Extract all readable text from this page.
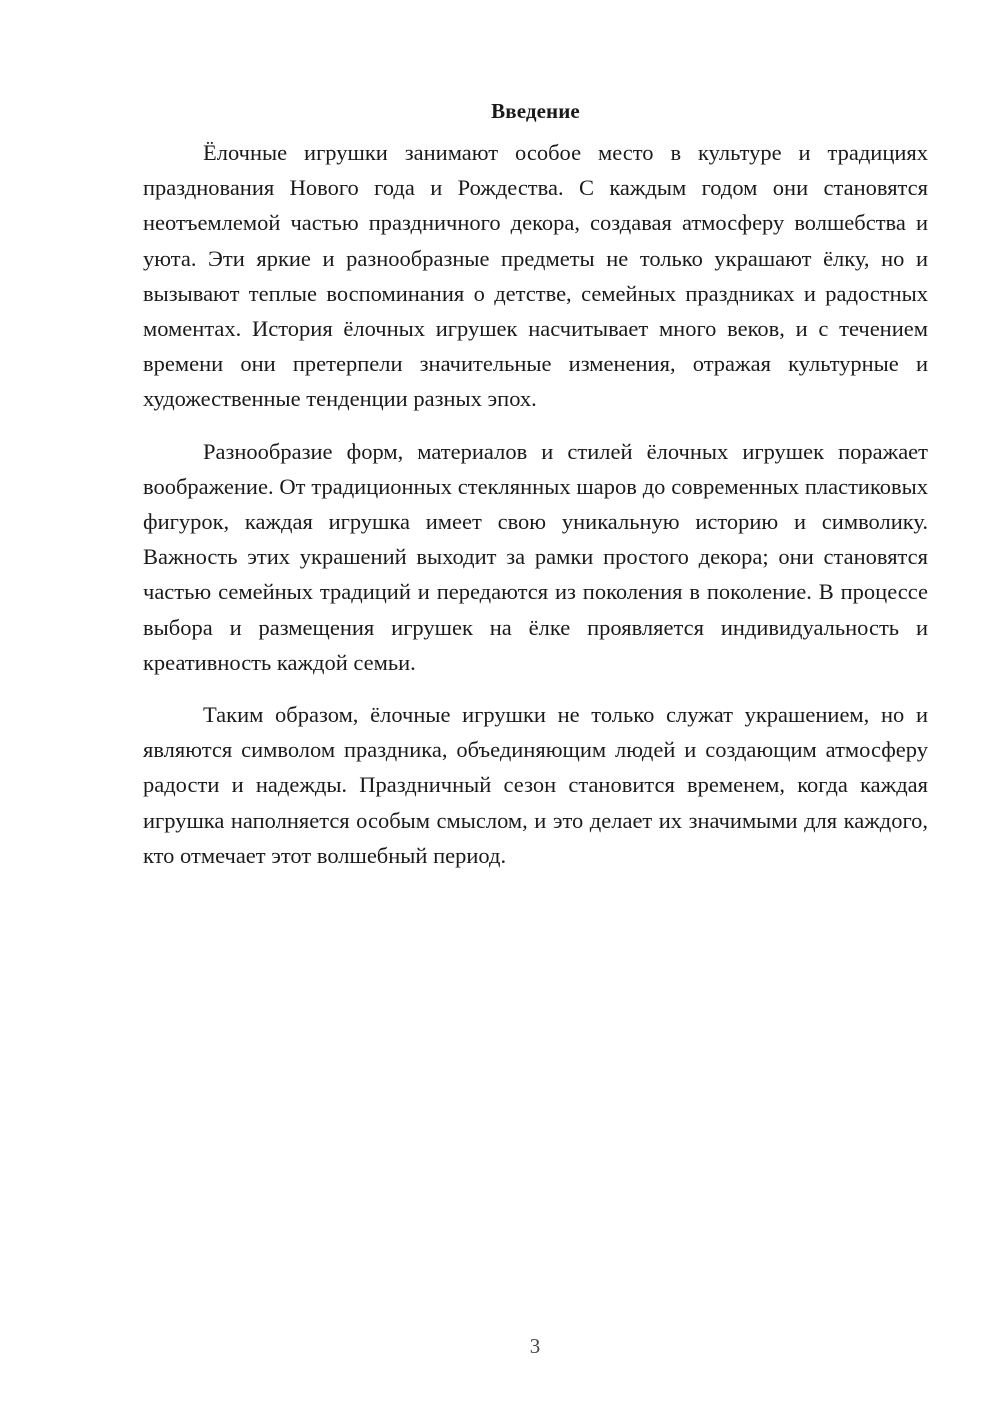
Введение

Ёлочные игрушки занимают особое место в культуре и традициях празднования Нового года и Рождества. С каждым годом они становятся неотъемлемой частью праздничного декора, создавая атмосферу волшебства и уюта. Эти яркие и разнообразные предметы не только украшают ёлку, но и вызывают теплые воспоминания о детстве, семейных праздниках и радостных моментах. История ёлочных игрушек насчитывает много веков, и с течением времени они претерпели значительные изменения, отражая культурные и художественные тенденции разных эпох.

Разнообразие форм, материалов и стилей ёлочных игрушек поражает воображение. От традиционных стеклянных шаров до современных пластиковых фигурок, каждая игрушка имеет свою уникальную историю и символику. Важность этих украшений выходит за рамки простого декора; они становятся частью семейных традиций и передаются из поколения в поколение. В процессе выбора и размещения игрушек на ёлке проявляется индивидуальность и креативность каждой семьи.

Таким образом, ёлочные игрушки не только служат украшением, но и являются символом праздника, объединяющим людей и создающим атмосферу радости и надежды. Праздничный сезон становится временем, когда каждая игрушка наполняется особым смыслом, и это делает их значимыми для каждого, кто отмечает этот волшебный период.

3
